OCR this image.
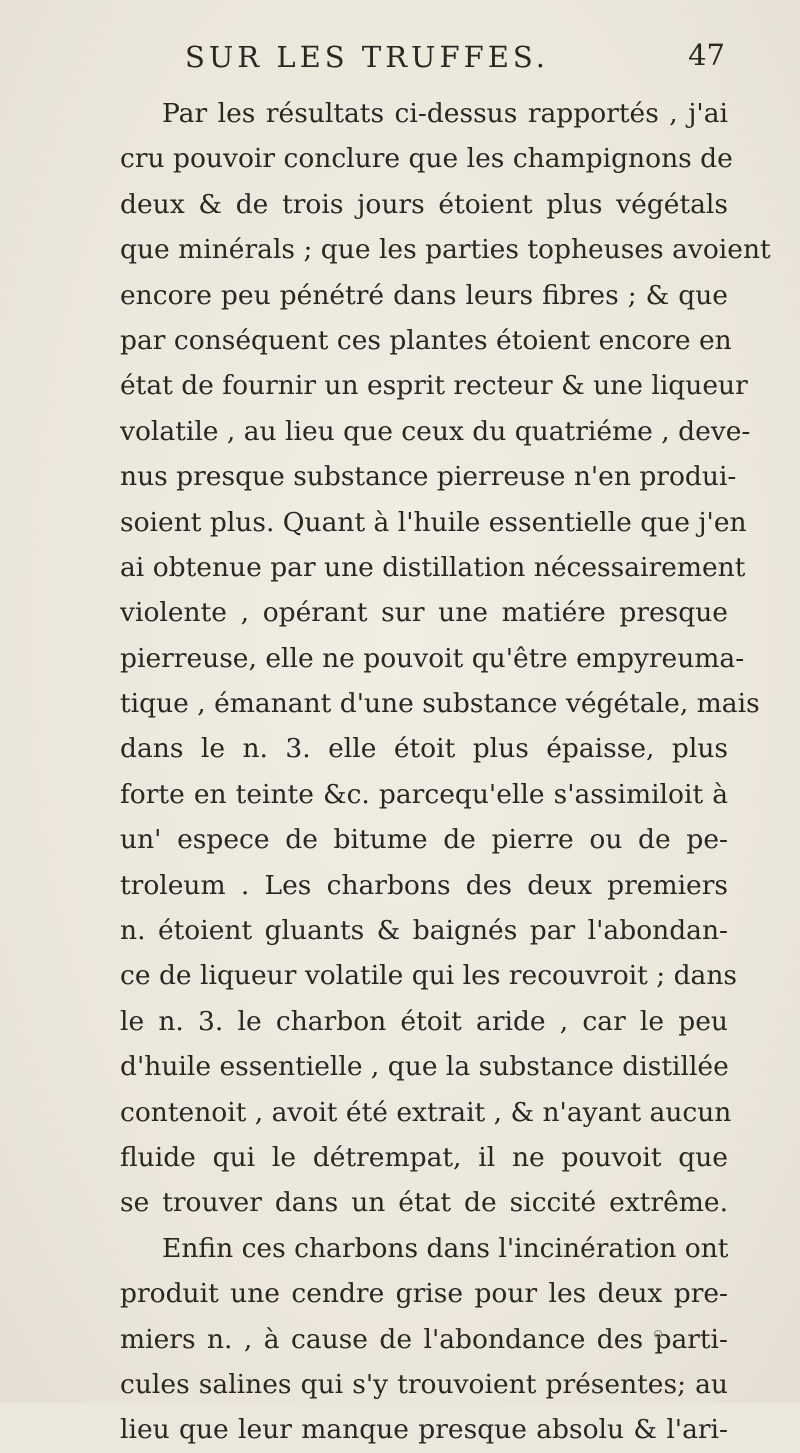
SUR LES TRUFFES.	47
Par les résultats ci-dessus rapportés , j'ai
cru pouvoir conclure que les champignons de
deux & de trois jours étoient plus végétals
que minérals ; que les parties topheuses avoient
encore peu pénétré dans leurs fibres ; & que
par conséquent ces plantes étoient encore en
état de fournir un esprit recteur & une liqueur
volatile , au lieu que ceux du quatriéme , deve-
nus presque substance pierreuse n'en produi-
soient plus. Quant à l'huile essentielle que j'en
ai obtenue par une distillation nécessairement
violente , opérant sur une matiére presque
pierreuse, elle ne pouvoit qu'être empyreuma-
tique , émanant d'une substance végétale, mais
dans le n. 3. elle étoit plus épaisse, plus
forte en teinte &c. parcequ'elle s'assimiloit à
un' espece de bitume de pierre ou de pe-
troleum . Les charbons des deux premiers
n. étoient gluants & baignés par l'abondan-
ce de liqueur volatile qui les recouvroit ; dans
le n. 3. le charbon étoit aride , car le peu
d'huile essentielle , que la substance distillée
contenoit , avoit été extrait , & n'ayant aucun
fluide qui le détrempat, il ne pouvoit que
se trouver dans un état de siccité extrême.
Enfin ces charbons dans l'incinération ont
produit une cendre grise pour les deux pre-
miers n. , à cause de l'abondance des parti-
cules salines qui s'y trouvoient présentes; au
lieu que leur manque presque absolu & l'ari-
